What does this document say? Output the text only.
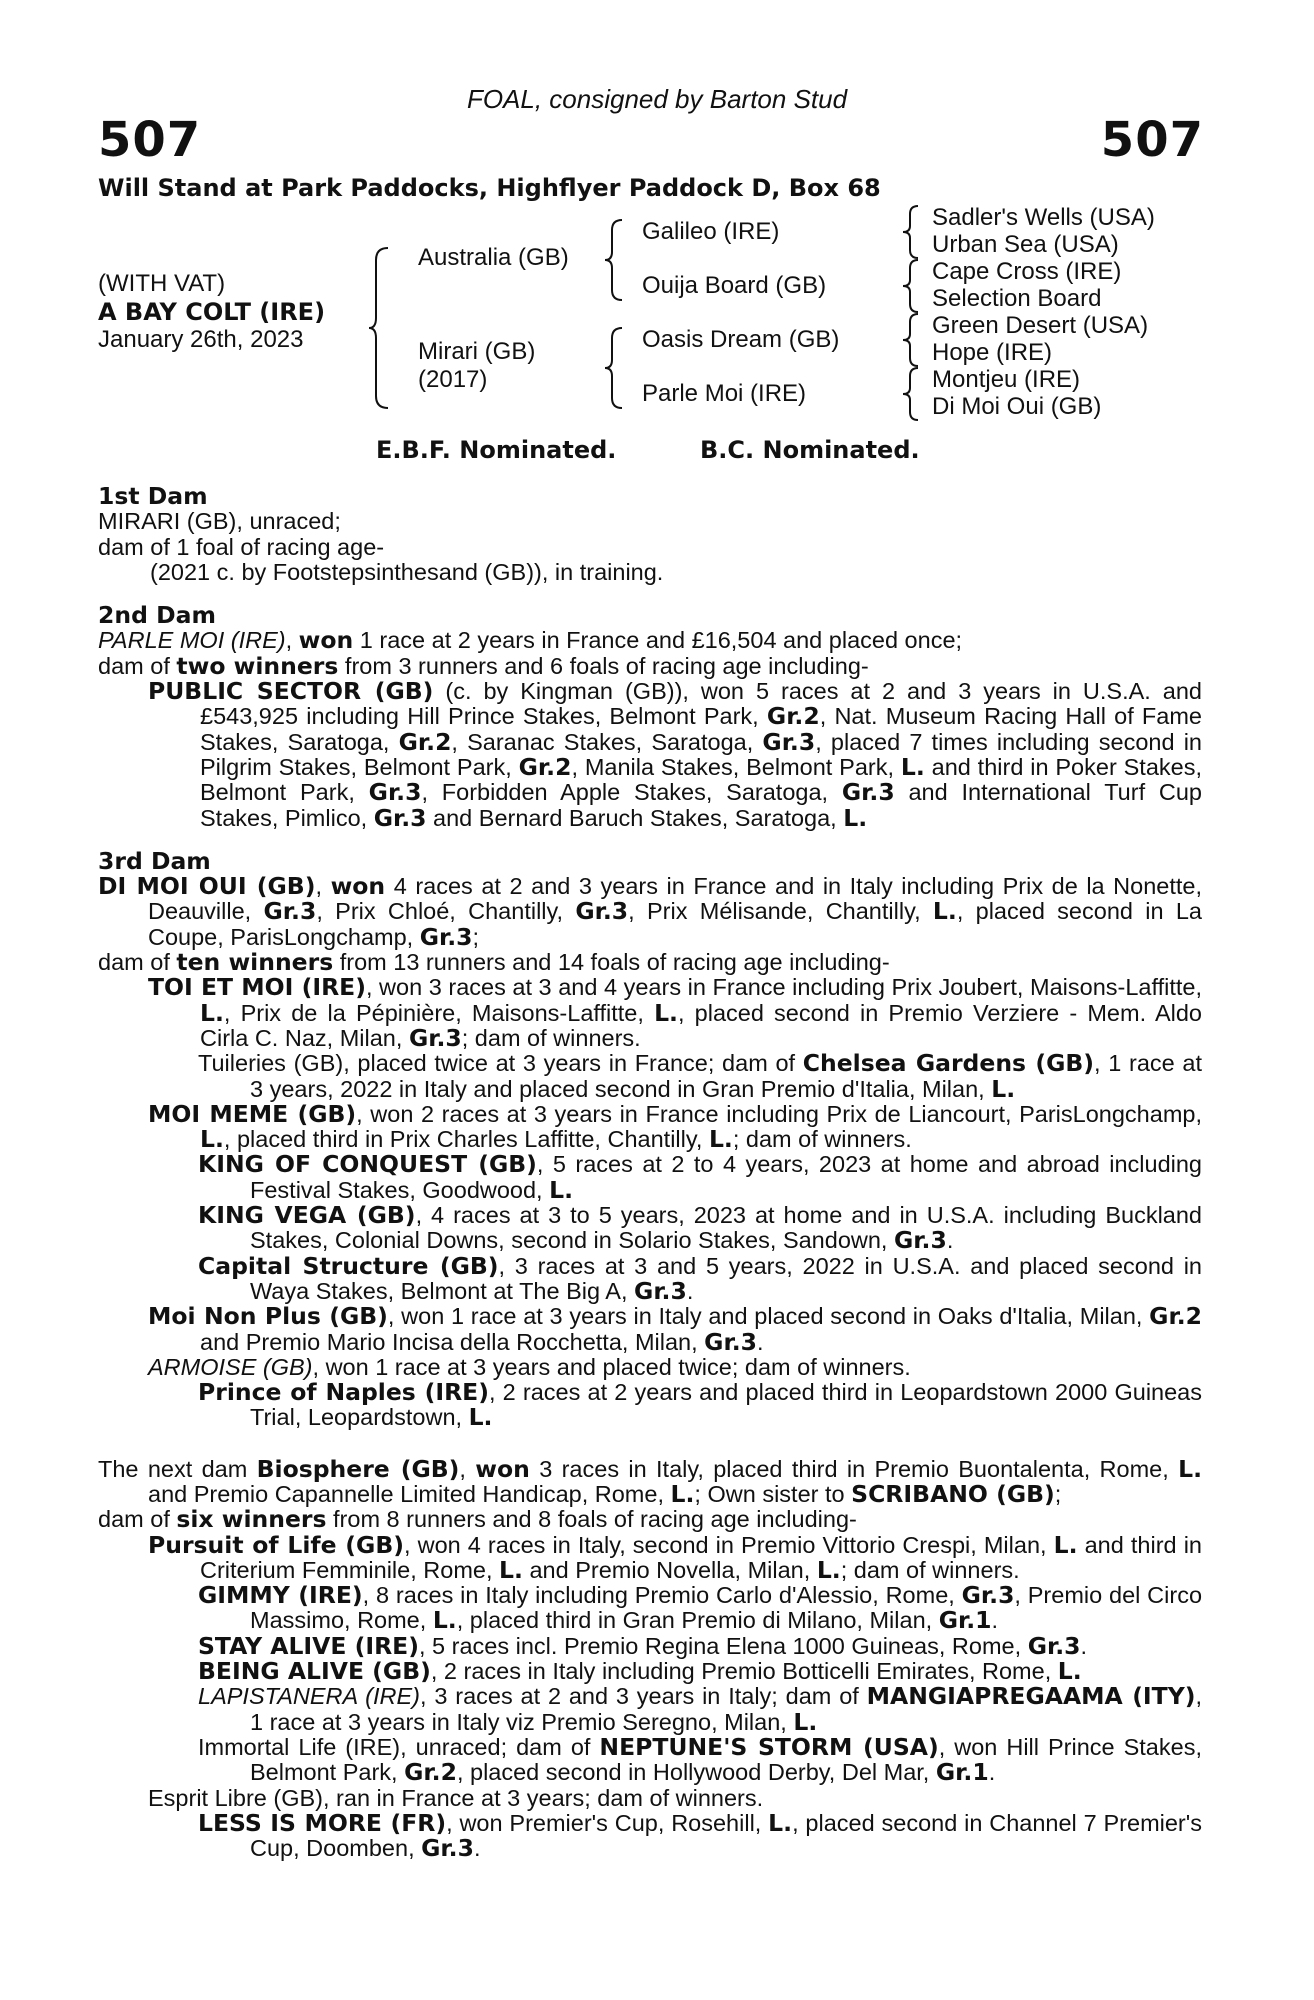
FOAL, consigned by Barton Stud
507	507
Will Stand at Park Paddocks, Highflyer Paddock D, Box 68
(WITH VAT)
A BAY COLT (IRE)
January 26th, 2023
Australia (GB)
Mirari (GB)
(2017)
Galileo (IRE)
Ouija Board (GB)
Oasis Dream (GB)
Parle Moi (IRE)
Sadler's Wells (USA)
Urban Sea (USA)
Cape Cross (IRE)
Selection Board
Green Desert (USA)
Hope (IRE)
Montjeu (IRE)
Di Moi Oui (GB)
E.B.F. Nominated.	B.C. Nominated.
1st Dam

MIRARI (GB), unraced;

dam of 1 foal of racing age-

(2021 c. by Footstepsinthesand (GB)), in training.

2nd Dam

PARLE MOI (IRE), won 1 race at 2 years in France and £16,504 and placed once;

dam of two winners from 3 runners and 6 foals of racing age including-

PUBLIC SECTOR (GB) (c. by Kingman (GB)), won 5 races at 2 and 3 years in U.S.A. and £543,925 including Hill Prince Stakes, Belmont Park, Gr.2, Nat. Museum Racing Hall of Fame Stakes, Saratoga, Gr.2, Saranac Stakes, Saratoga, Gr.3, placed 7 times including second in Pilgrim Stakes, Belmont Park, Gr.2, Manila Stakes, Belmont Park, L. and third in Poker Stakes, Belmont Park, Gr.3, Forbidden Apple Stakes, Saratoga, Gr.3 and International Turf Cup Stakes, Pimlico, Gr.3 and Bernard Baruch Stakes, Saratoga, L.

3rd Dam

DI MOI OUI (GB), won 4 races at 2 and 3 years in France and in Italy including Prix de la Nonette, Deauville, Gr.3, Prix Chloé, Chantilly, Gr.3, Prix Mélisande, Chantilly, L., placed second in La Coupe, ParisLongchamp, Gr.3;

dam of ten winners from 13 runners and 14 foals of racing age including-

TOI ET MOI (IRE), won 3 races at 3 and 4 years in France including Prix Joubert, Maisons-Laffitte, L., Prix de la Pépinière, Maisons-Laffitte, L., placed second in Premio Verziere - Mem. Aldo Cirla C. Naz, Milan, Gr.3; dam of winners.

Tuileries (GB), placed twice at 3 years in France; dam of Chelsea Gardens (GB), 1 race at 3 years, 2022 in Italy and placed second in Gran Premio d'Italia, Milan, L.

MOI MEME (GB), won 2 races at 3 years in France including Prix de Liancourt, ParisLongchamp, L., placed third in Prix Charles Laffitte, Chantilly, L.; dam of winners.

KING OF CONQUEST (GB), 5 races at 2 to 4 years, 2023 at home and abroad including Festival Stakes, Goodwood, L.

KING VEGA (GB), 4 races at 3 to 5 years, 2023 at home and in U.S.A. including Buckland Stakes, Colonial Downs, second in Solario Stakes, Sandown, Gr.3.

Capital Structure (GB), 3 races at 3 and 5 years, 2022 in U.S.A. and placed second in Waya Stakes, Belmont at The Big A, Gr.3.

Moi Non Plus (GB), won 1 race at 3 years in Italy and placed second in Oaks d'Italia, Milan, Gr.2 and Premio Mario Incisa della Rocchetta, Milan, Gr.3.

ARMOISE (GB), won 1 race at 3 years and placed twice; dam of winners.

Prince of Naples (IRE), 2 races at 2 years and placed third in Leopardstown 2000 Guineas Trial, Leopardstown, L.

The next dam Biosphere (GB), won 3 races in Italy, placed third in Premio Buontalenta, Rome, L. and Premio Capannelle Limited Handicap, Rome, L.; Own sister to SCRIBANO (GB);

dam of six winners from 8 runners and 8 foals of racing age including-

Pursuit of Life (GB), won 4 races in Italy, second in Premio Vittorio Crespi, Milan, L. and third in Criterium Femminile, Rome, L. and Premio Novella, Milan, L.; dam of winners.

GIMMY (IRE), 8 races in Italy including Premio Carlo d'Alessio, Rome, Gr.3, Premio del Circo Massimo, Rome, L., placed third in Gran Premio di Milano, Milan, Gr.1.

STAY ALIVE (IRE), 5 races incl. Premio Regina Elena 1000 Guineas, Rome, Gr.3.

BEING ALIVE (GB), 2 races in Italy including Premio Botticelli Emirates, Rome, L.

LAPISTANERA (IRE), 3 races at 2 and 3 years in Italy; dam of MANGIAPREGAAMA (ITY), 1 race at 3 years in Italy viz Premio Seregno, Milan, L.

Immortal Life (IRE), unraced; dam of NEPTUNE'S STORM (USA), won Hill Prince Stakes, Belmont Park, Gr.2, placed second in Hollywood Derby, Del Mar, Gr.1.

Esprit Libre (GB), ran in France at 3 years; dam of winners.

LESS IS MORE (FR), won Premier's Cup, Rosehill, L., placed second in Channel 7 Premier's Cup, Doomben, Gr.3.
